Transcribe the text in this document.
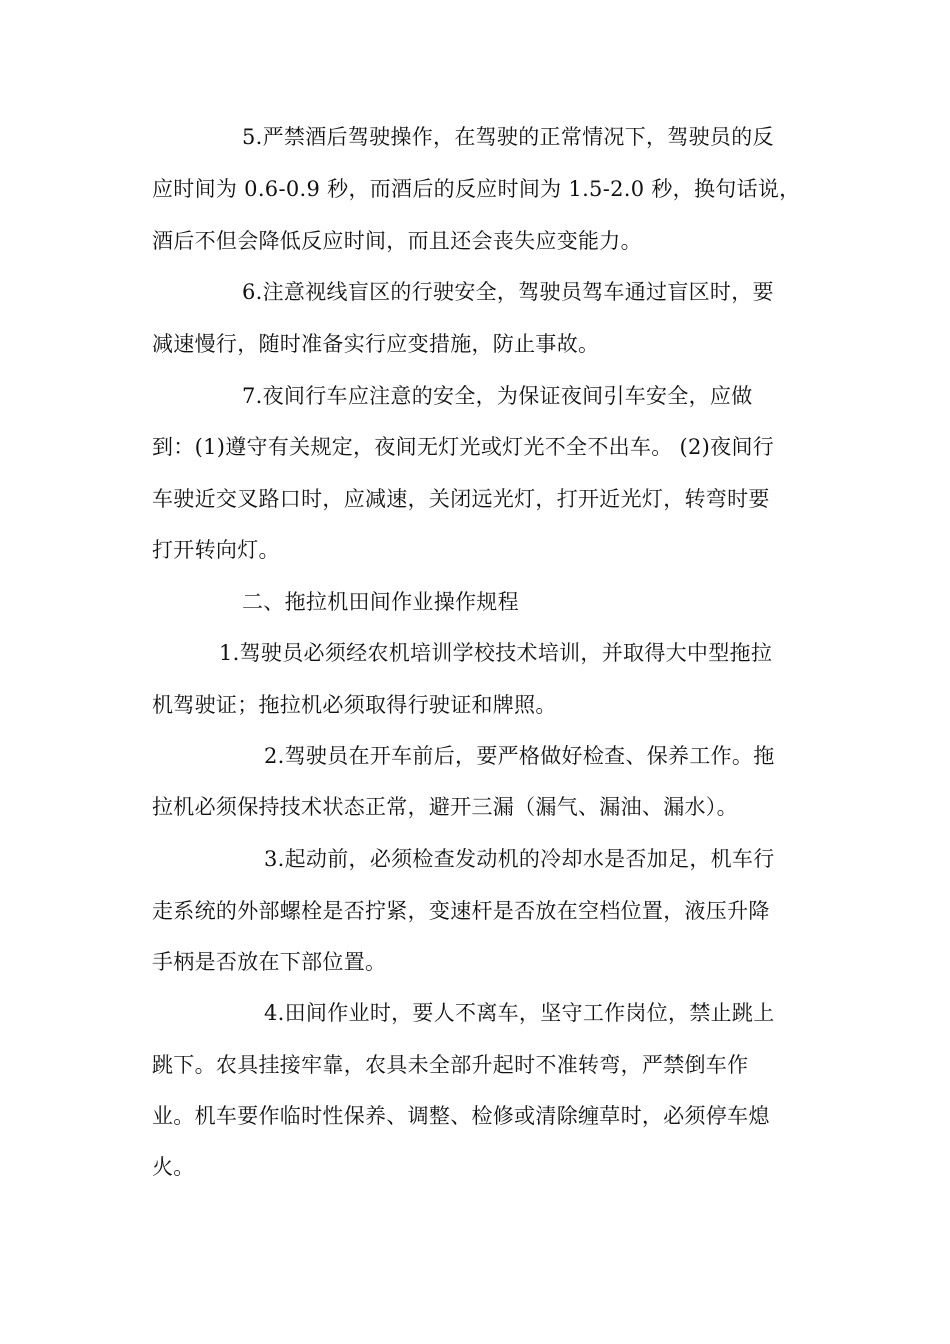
5.严禁酒后驾驶操作，在驾驶的正常情况下，驾驶员的反
应时间为 0.6-0.9 秒，而酒后的反应时间为 1.5-2.0 秒，换句话说，
酒后不但会降低反应时间，而且还会丧失应变能力。
6.注意视线盲区的行驶安全，驾驶员驾车通过盲区时，要
减速慢行，随时准备实行应变措施，防止事故。
7.夜间行车应注意的安全，为保证夜间引车安全，应做
到：(1)遵守有关规定，夜间无灯光或灯光不全不出车。 (2)夜间行
车驶近交叉路口时，应减速，关闭远光灯，打开近光灯，转弯时要
打开转向灯。
二、拖拉机田间作业操作规程
1.驾驶员必须经农机培训学校技术培训，并取得大中型拖拉
机驾驶证；拖拉机必须取得行驶证和牌照。
2.驾驶员在开车前后，要严格做好检查、保养工作。拖
拉机必须保持技术状态正常，避开三漏（漏气、漏油、漏水）。
3.起动前，必须检查发动机的冷却水是否加足，机车行
走系统的外部螺栓是否拧紧，变速杆是否放在空档位置，液压升降
手柄是否放在下部位置。
4.田间作业时，要人不离车，坚守工作岗位，禁止跳上
跳下。农具挂接牢靠，农具未全部升起时不准转弯，严禁倒车作
业。机车要作临时性保养、调整、检修或清除缠草时，必须停车熄
火。
